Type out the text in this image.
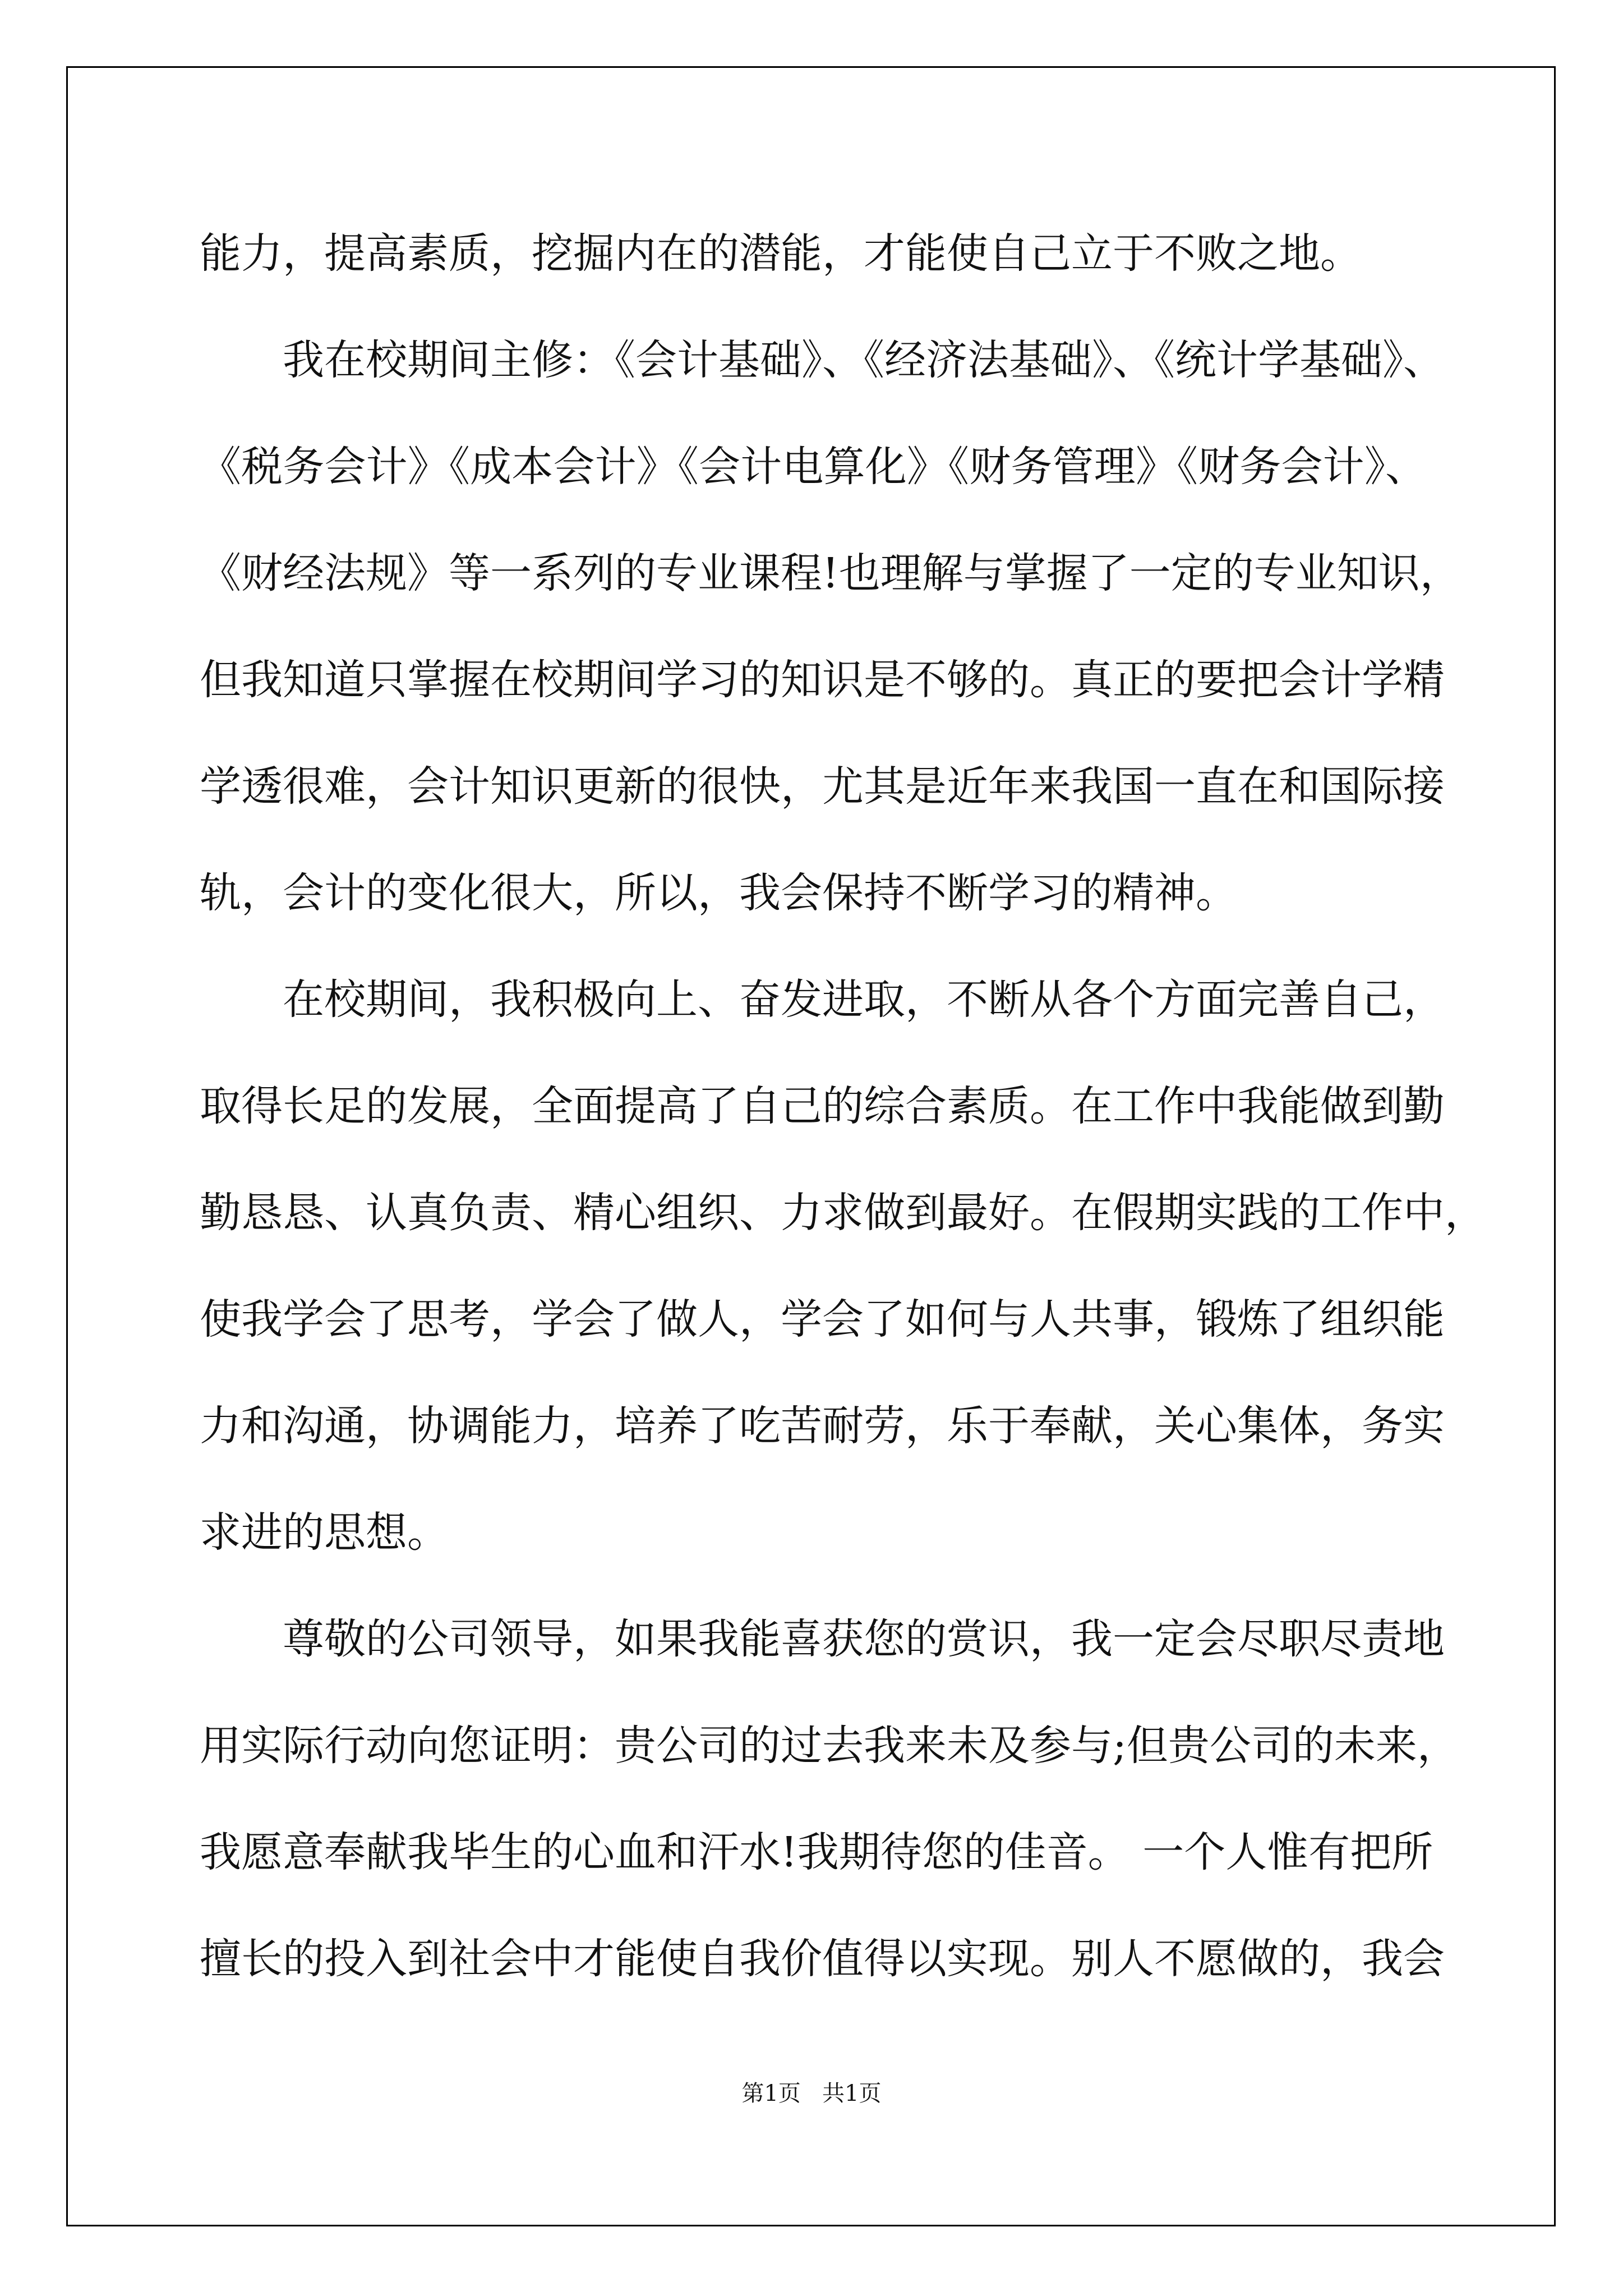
能力，提高素质，挖掘内在的潜能，才能使自己立于不败之地。
我在校期间主修：《会计基础》、《经济法基础》、《统计学基础》、
《税务会计》《成本会计》《会计电算化》《财务管理》《财务会计》、
《财经法规》等一系列的专业课程!也理解与掌握了一定的专业知识，
但我知道只掌握在校期间学习的知识是不够的。真正的要把会计学精
学透很难，会计知识更新的很快，尤其是近年来我国一直在和国际接
轨，会计的变化很大，所以，我会保持不断学习的精神。
在校期间，我积极向上、奋发进取，不断从各个方面完善自己，
取得长足的发展，全面提高了自己的综合素质。在工作中我能做到勤
勤恳恳、认真负责、精心组织、力求做到最好。在假期实践的工作中，
使我学会了思考，学会了做人，学会了如何与人共事，锻炼了组织能
力和沟通，协调能力，培养了吃苦耐劳，乐于奉献，关心集体，务实
求进的思想。
尊敬的公司领导，如果我能喜获您的赏识，我一定会尽职尽责地
用实际行动向您证明：贵公司的过去我来未及参与;但贵公司的未来，
我愿意奉献我毕生的心血和汗水!我期待您的佳音。 一个人惟有把所
擅长的投入到社会中才能使自我价值得以实现。别人不愿做的，我会
第1页   共1页
